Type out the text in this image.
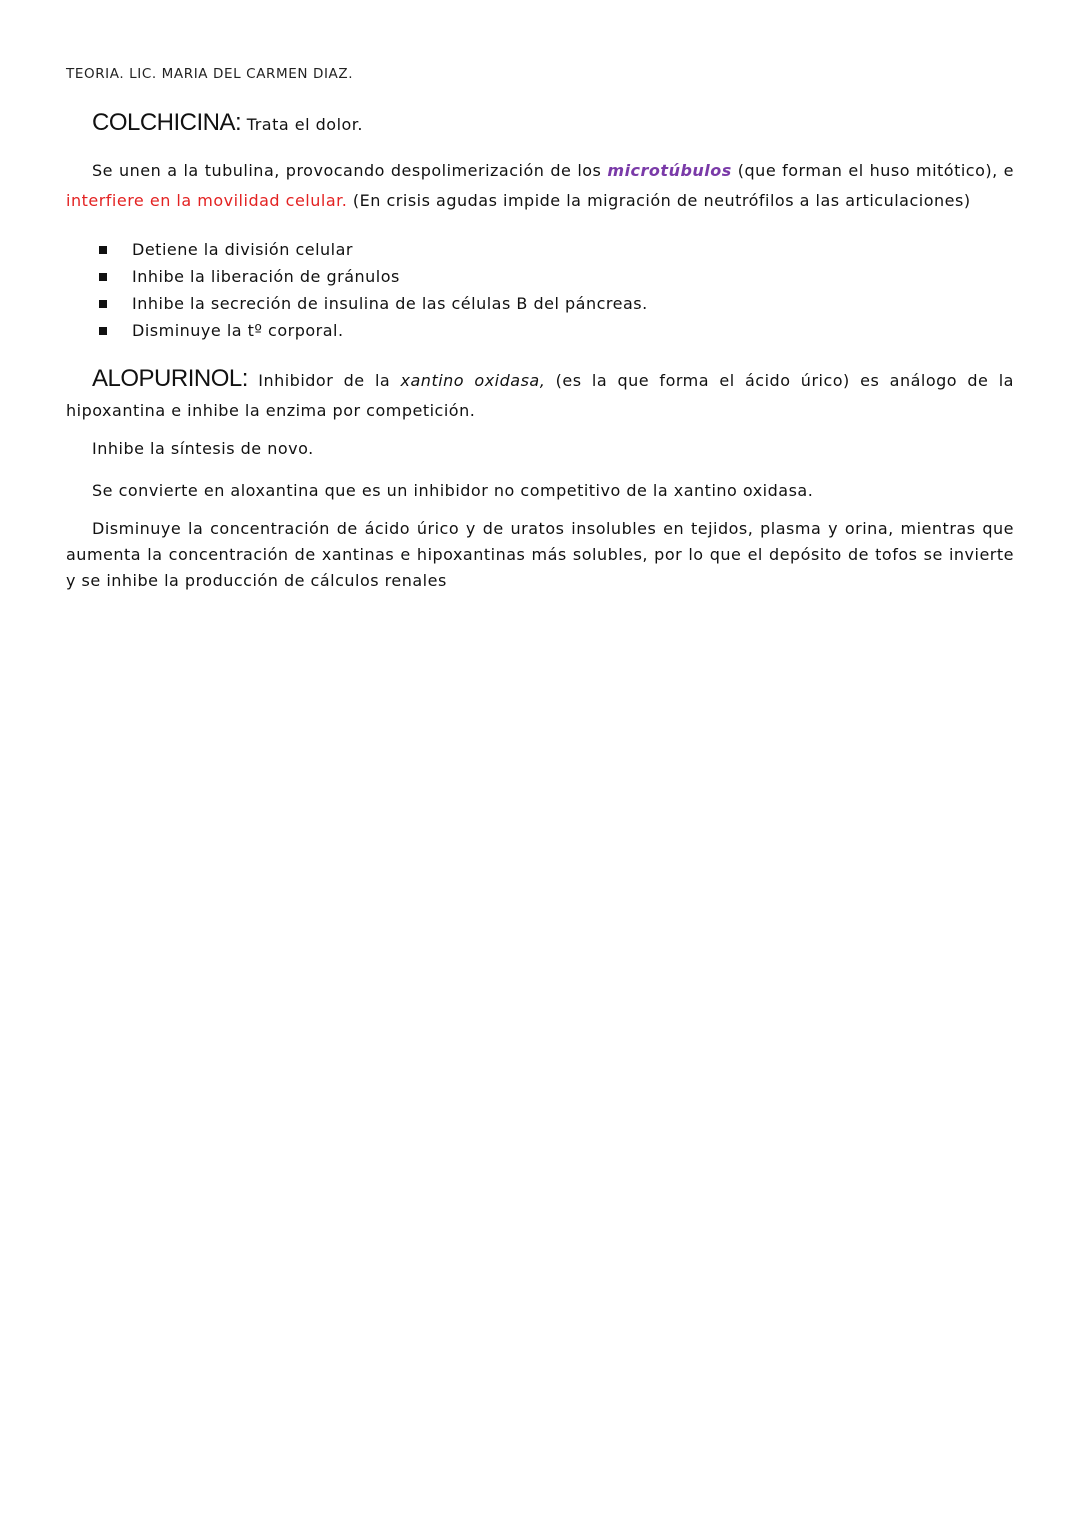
TEORIA. LIC. MARIA DEL CARMEN DIAZ.
COLCHICINA: Trata el dolor.
Se unen a la tubulina, provocando despolimerización de los microtúbulos (que forman el huso mitótico), e interfiere en la movilidad celular. (En crisis agudas impide la migración de neutrófilos a las articulaciones)
Detiene la división celular
Inhibe la liberación de gránulos
Inhibe la secreción de insulina de las células B del páncreas.
Disminuye la tº corporal.
ALOPURINOL: Inhibidor de la xantino oxidasa, (es la que forma el ácido úrico) es análogo de la hipoxantina e inhibe la enzima por competición.
Inhibe la síntesis de novo.
Se convierte en aloxantina que es un inhibidor no competitivo de la xantino oxidasa.
Disminuye la concentración de ácido úrico y de uratos insolubles en tejidos, plasma y orina, mientras que aumenta la concentración de xantinas e hipoxantinas más solubles, por lo que el depósito de tofos se invierte y se inhibe la producción de cálculos renales
